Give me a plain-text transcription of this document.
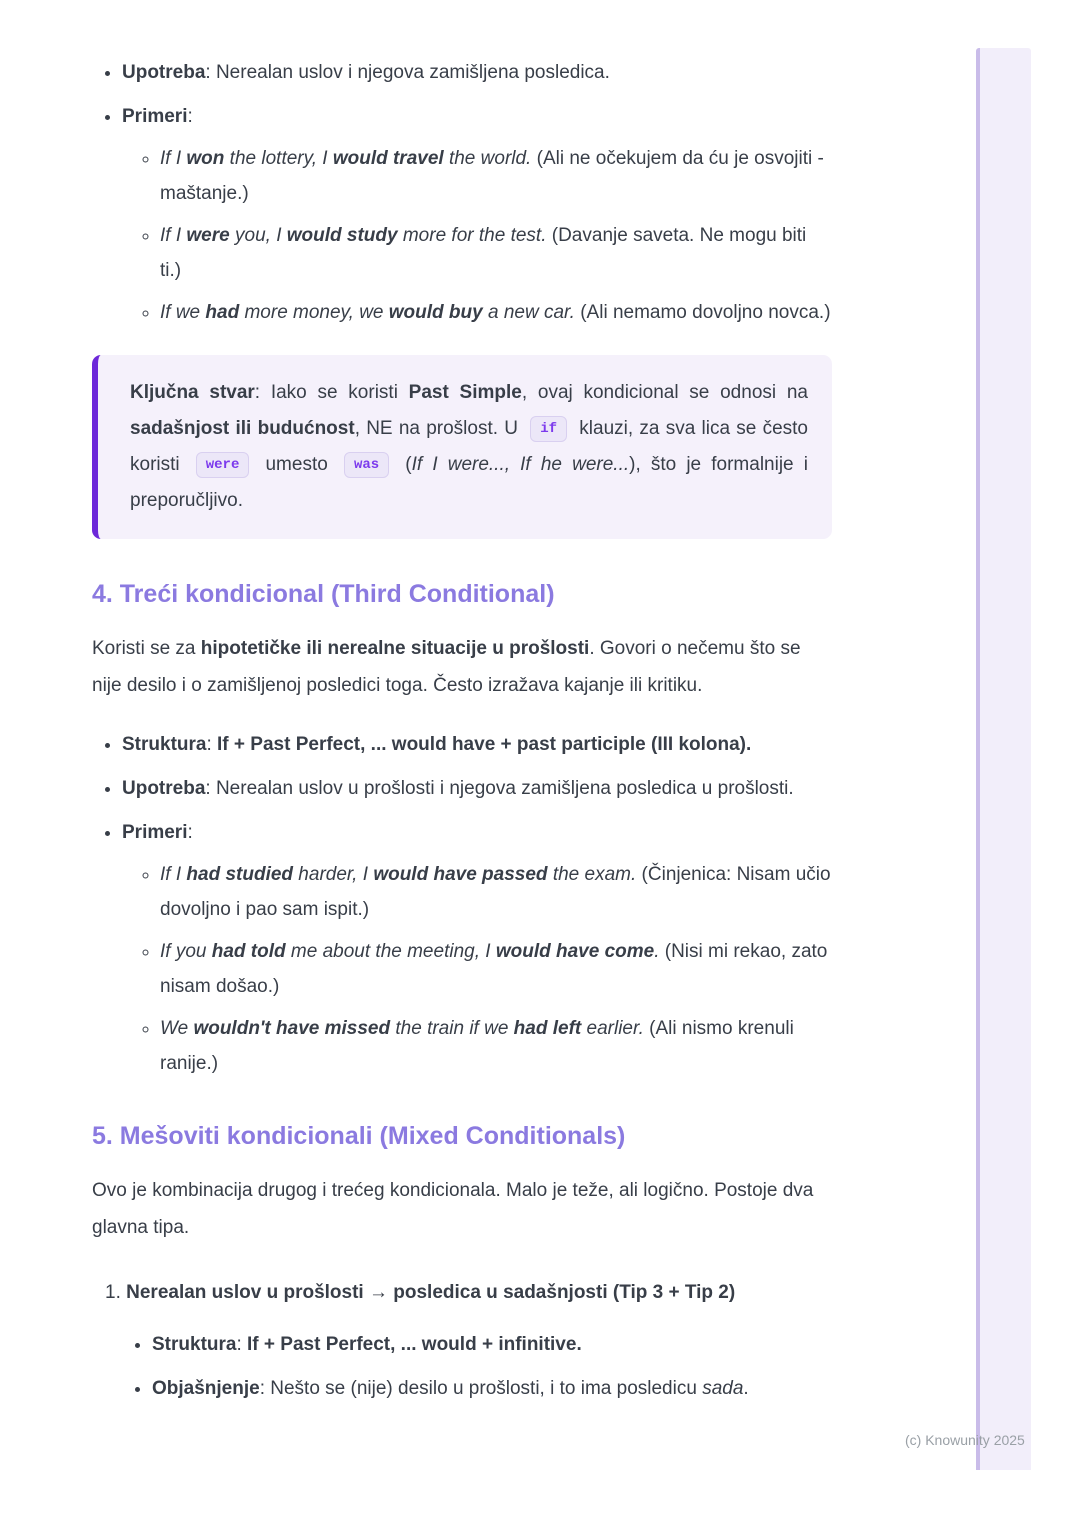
• Upotreba: Nerealan uslov i njegova zamišljena posledica.
• Primeri:
◦ If I won the lottery, I would travel the world. (Ali ne očekujem da ću je osvojiti - maštanje.)
◦ If I were you, I would study more for the test. (Davanje saveta. Ne mogu biti ti.)
◦ If we had more money, we would buy a new car. (Ali nemamo dovoljno novca.)

Ključna stvar: Iako se koristi Past Simple, ovaj kondicional se odnosi na sadašnjost ili budućnost, NE na prošlost. U if klauzi, za sva lica se često koristi were umesto was (If I were..., If he were...), što je formalnije i preporučljivo.

4. Treći kondicional (Third Conditional)

Koristi se za hipotetičke ili nerealne situacije u prošlosti. Govori o nečemu što se nije desilo i o zamišljenoj posledici toga. Često izražava kajanje ili kritiku.

• Struktura: If + Past Perfect, ... would have + past participle (III kolona).
• Upotreba: Nerealan uslov u prošlosti i njegova zamišljena posledica u prošlosti.
• Primeri:
◦ If I had studied harder, I would have passed the exam. (Činjenica: Nisam učio dovoljno i pao sam ispit.)
◦ If you had told me about the meeting, I would have come. (Nisi mi rekao, zato nisam došao.)
◦ We wouldn't have missed the train if we had left earlier. (Ali nismo krenuli ranije.)
5. Mešoviti kondicionali (Mixed Conditionals)

Ovo je kombinacija drugog i trećeg kondicionala. Malo je teže, ali logično. Postoje dva glavna tipa.

1. Nerealan uslov u prošlosti → posledica u sadašnjosti (Tip 3 + Tip 2)
• Struktura: If + Past Perfect, ... would + infinitive.
• Objašnjenje: Nešto se (nije) desilo u prošlosti, i to ima posledicu sada.
(c) Knowunity 2025
